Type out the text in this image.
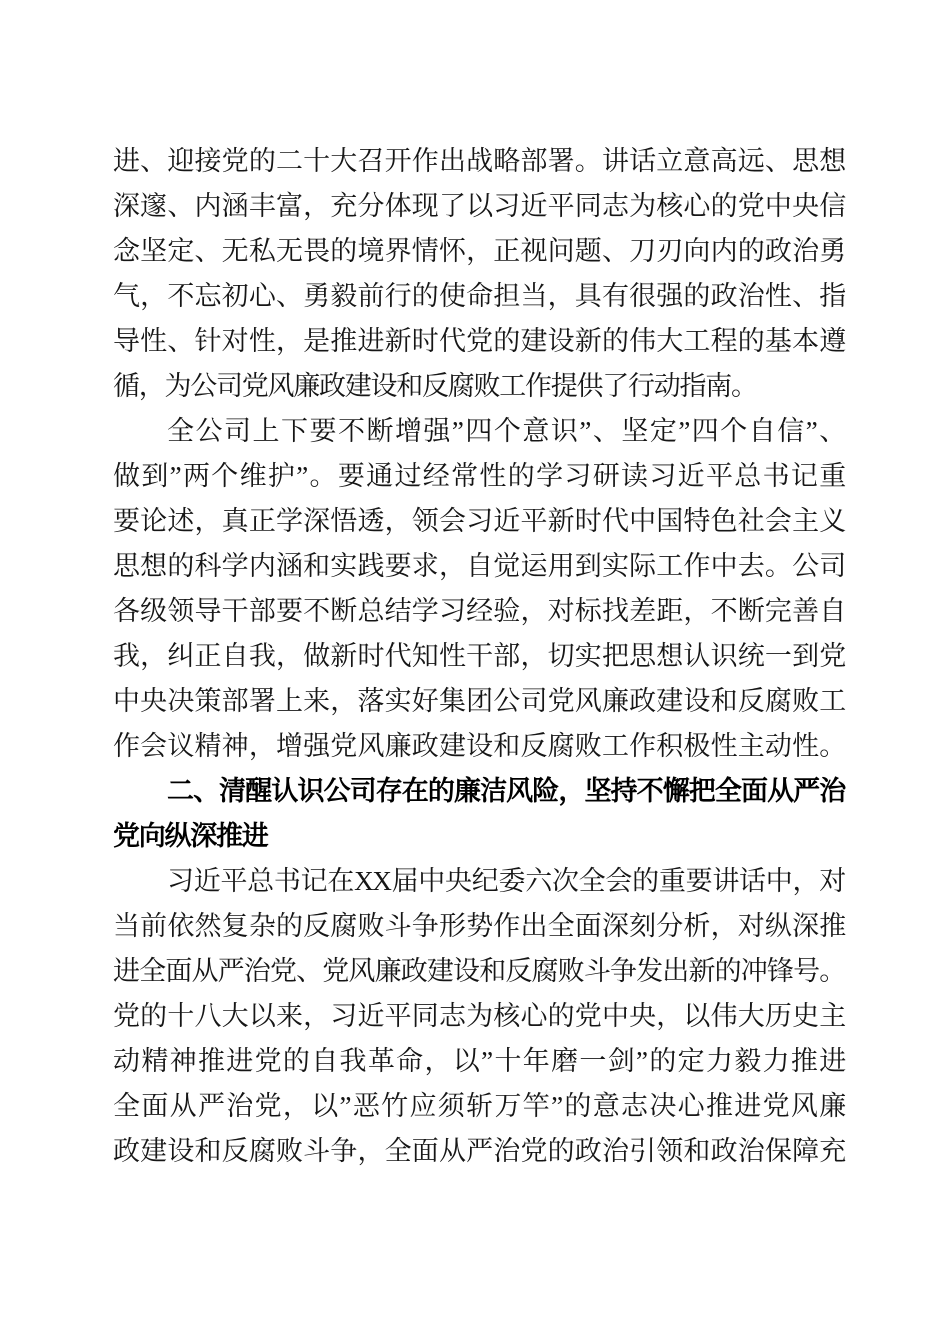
进、迎接党的二十大召开作出战略部署。讲话立意高远、思想
深邃、内涵丰富，充分体现了以习近平同志为核心的党中央信
念坚定、无私无畏的境界情怀，正视问题、刀刃向内的政治勇
气，不忘初心、勇毅前行的使命担当，具有很强的政治性、指
导性、针对性，是推进新时代党的建设新的伟大工程的基本遵
循，为公司党风廉政建设和反腐败工作提供了行动指南。
全公司上下要不断增强”四个意识”、坚定”四个自信”、
做到”两个维护”。要通过经常性的学习研读习近平总书记重
要论述，真正学深悟透，领会习近平新时代中国特色社会主义
思想的科学内涵和实践要求，自觉运用到实际工作中去。公司
各级领导干部要不断总结学习经验，对标找差距，不断完善自
我，纠正自我，做新时代知性干部，切实把思想认识统一到党
中央决策部署上来，落实好集团公司党风廉政建设和反腐败工
作会议精神，增强党风廉政建设和反腐败工作积极性主动性。
二、清醒认识公司存在的廉洁风险，坚持不懈把全面从严治
党向纵深推进
习近平总书记在XX届中央纪委六次全会的重要讲话中，对
当前依然复杂的反腐败斗争形势作出全面深刻分析，对纵深推
进全面从严治党、党风廉政建设和反腐败斗争发出新的冲锋号。
党的十八大以来，习近平同志为核心的党中央，以伟大历史主
动精神推进党的自我革命，以”十年磨一剑”的定力毅力推进
全面从严治党，以”恶竹应须斩万竿”的意志决心推进党风廉
政建设和反腐败斗争，全面从严治党的政治引领和政治保障充
